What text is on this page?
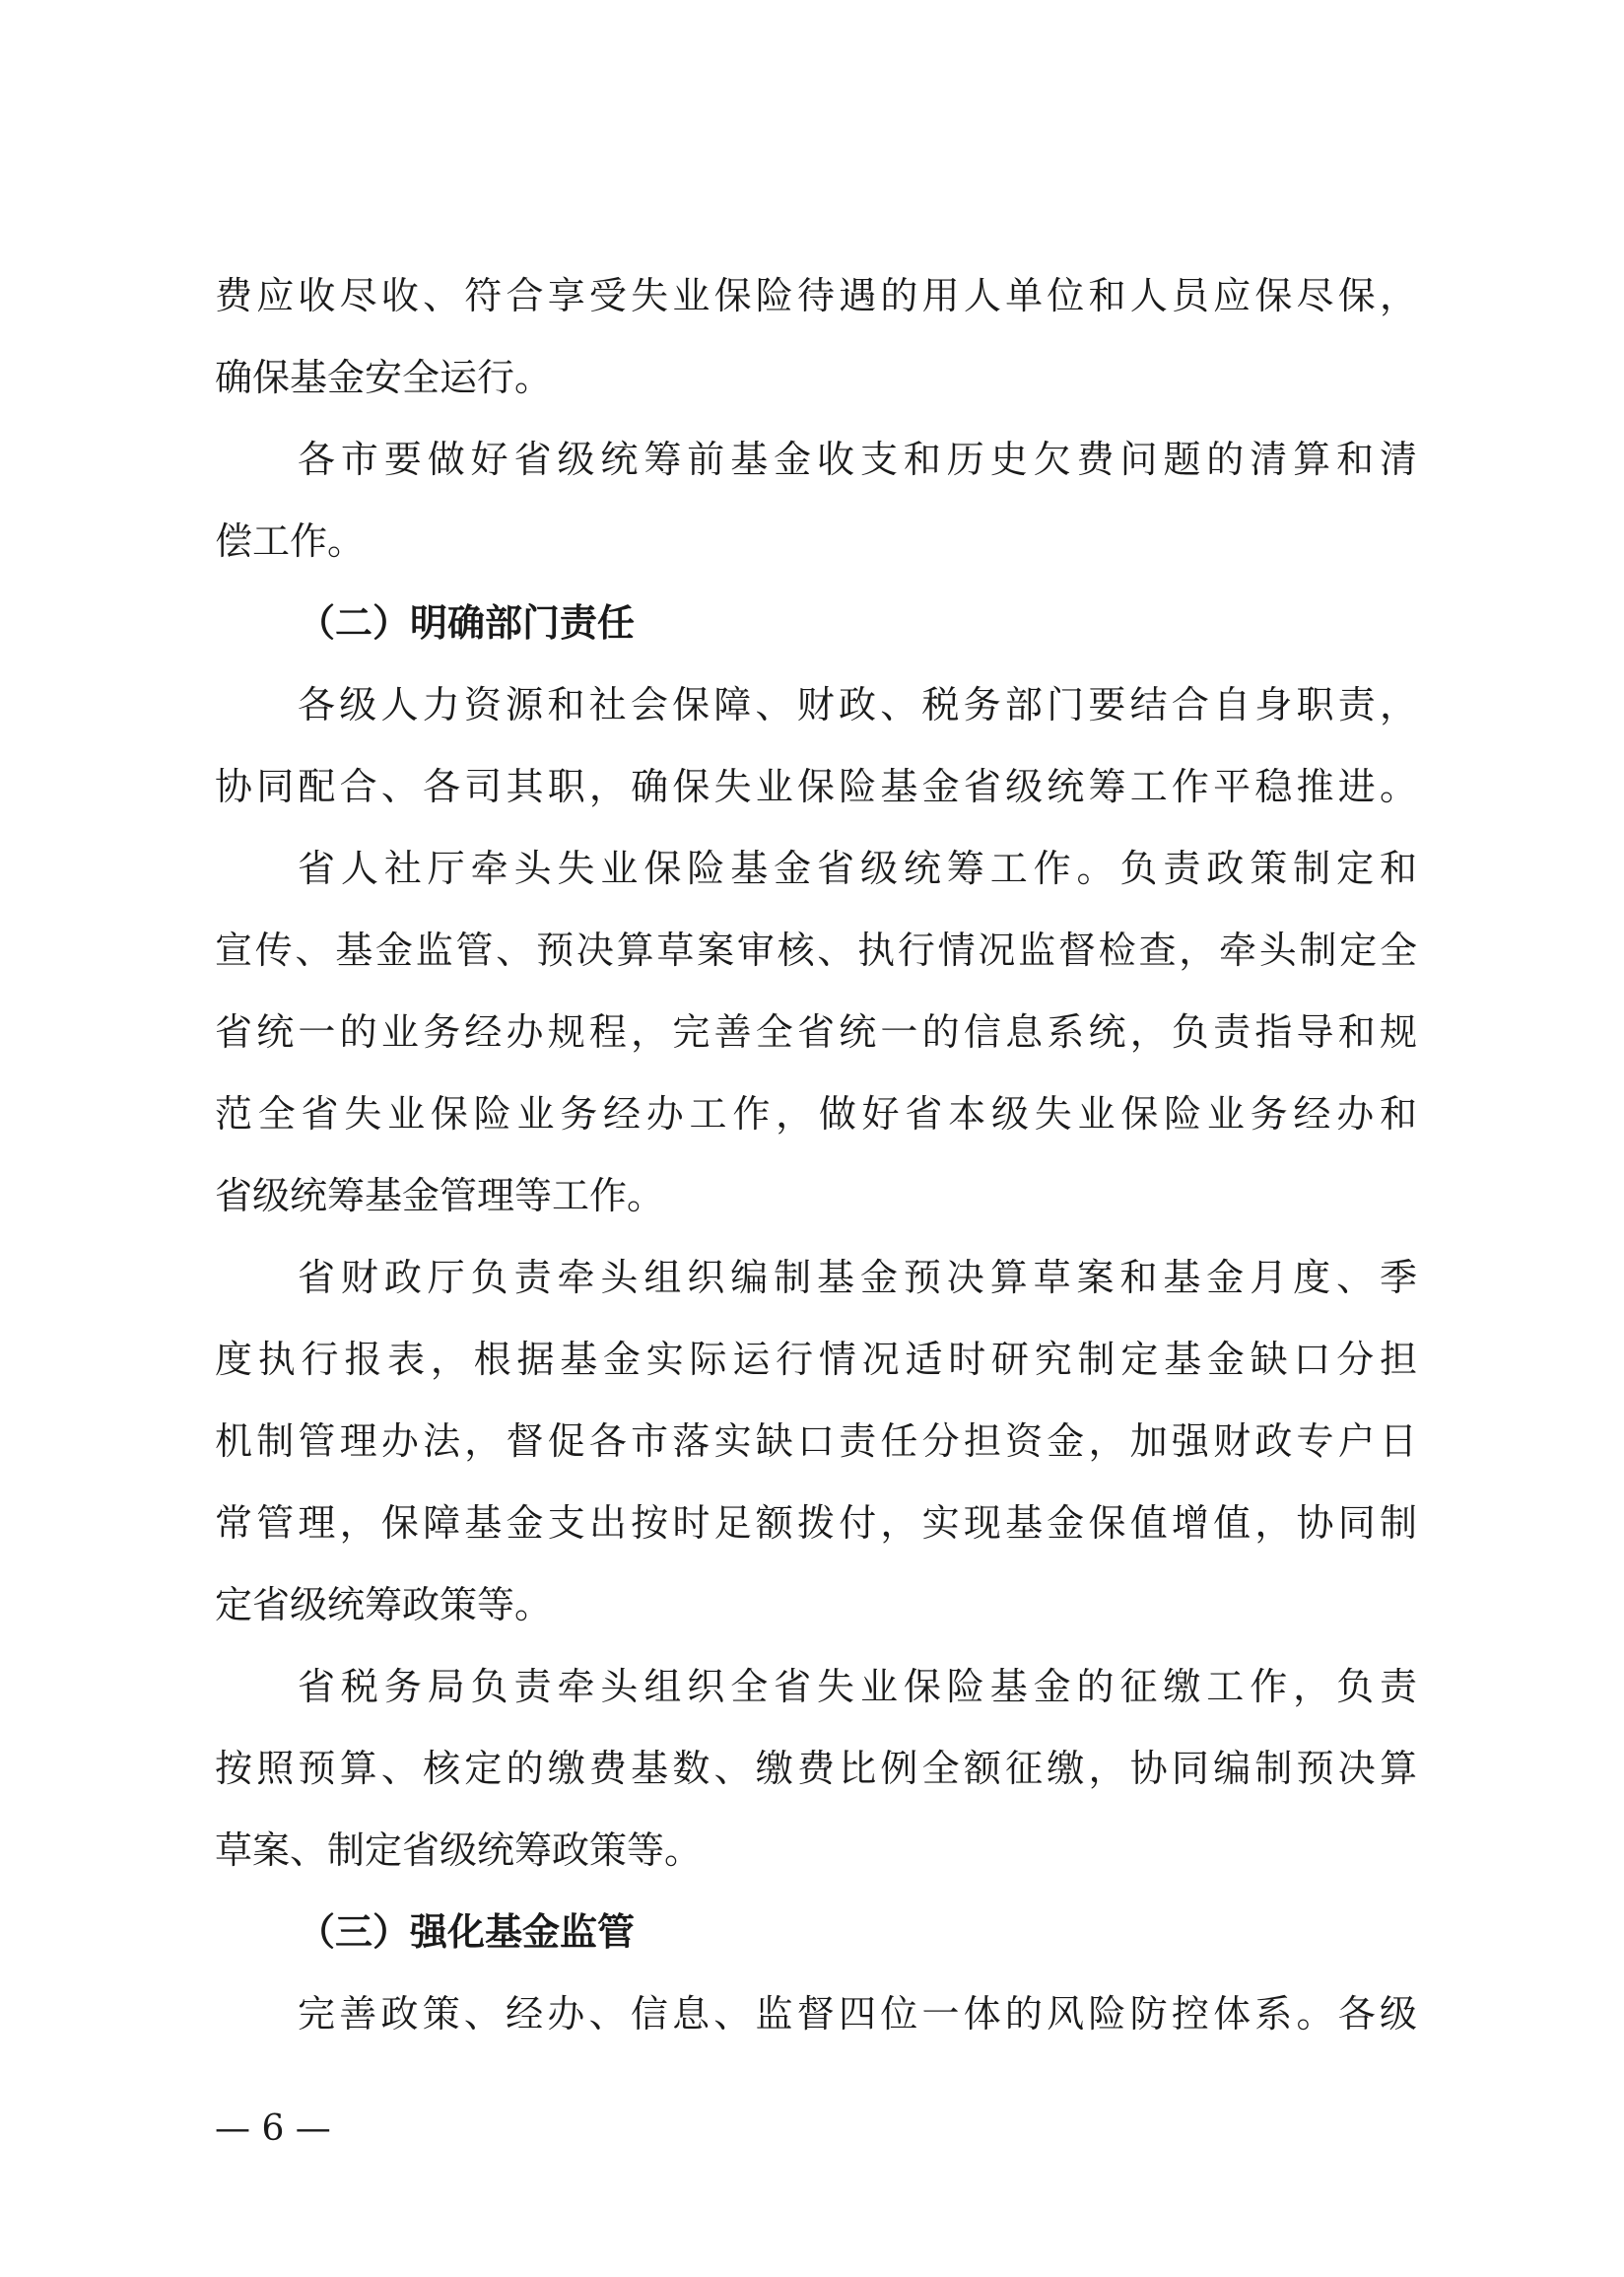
费应收尽收、符合享受失业保险待遇的用人单位和人员应保尽保，
确保基金安全运行。
各市要做好省级统筹前基金收支和历史欠费问题的清算和清
偿工作。
（二）明确部门责任
各级人力资源和社会保障、财政、税务部门要结合自身职责，
协同配合、各司其职，确保失业保险基金省级统筹工作平稳推进。
省人社厅牵头失业保险基金省级统筹工作。负责政策制定和
宣传、基金监管、预决算草案审核、执行情况监督检查，牵头制定全
省统一的业务经办规程，完善全省统一的信息系统，负责指导和规
范全省失业保险业务经办工作，做好省本级失业保险业务经办和
省级统筹基金管理等工作。
省财政厅负责牵头组织编制基金预决算草案和基金月度、季
度执行报表，根据基金实际运行情况适时研究制定基金缺口分担
机制管理办法，督促各市落实缺口责任分担资金，加强财政专户日
常管理，保障基金支出按时足额拨付，实现基金保值增值，协同制
定省级统筹政策等。
省税务局负责牵头组织全省失业保险基金的征缴工作，负责
按照预算、核定的缴费基数、缴费比例全额征缴，协同编制预决算
草案、制定省级统筹政策等。
（三）强化基金监管
完善政策、经办、信息、监督四位一体的风险防控体系。各级
— 6 —
